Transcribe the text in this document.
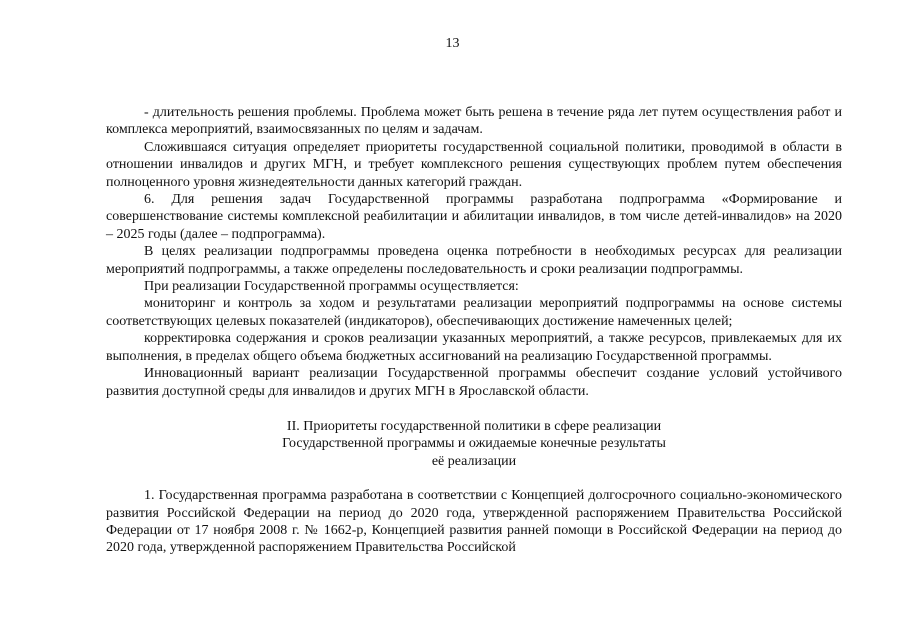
13

- длительность решения проблемы. Проблема может быть решена в течение ряда лет путем осуществления работ и комплекса мероприятий, взаимосвязанных по целям и задачам.

Сложившаяся ситуация определяет приоритеты государственной социальной политики, проводимой в области в отношении инвалидов и других МГН, и требует комплексного решения существующих проблем путем обеспечения полноценного уровня жизнедеятельности данных категорий граждан.

6. Для решения задач Государственной программы разработана подпрограмма «Формирование и совершенствование системы комплексной реабилитации и абилитации инвалидов, в том числе детей-инвалидов» на 2020 – 2025 годы (далее – подпрограмма).

В целях реализации подпрограммы проведена оценка потребности в необходимых ресурсах для реализации мероприятий подпрограммы, а также определены последовательность и сроки реализации подпрограммы.

При реализации Государственной программы осуществляется:

мониторинг и контроль за ходом и результатами реализации мероприятий подпрограммы на основе системы соответствующих целевых показателей (индикаторов), обеспечивающих достижение намеченных целей;

корректировка содержания и сроков реализации указанных мероприятий, а также ресурсов, привлекаемых для их выполнения, в пределах общего объема бюджетных ассигнований на реализацию Государственной программы.

Инновационный вариант реализации Государственной программы обеспечит создание условий устойчивого развития доступной среды для инвалидов и других МГН в Ярославской области.

II. Приоритеты государственной политики в сфере реализации
Государственной программы и ожидаемые конечные результаты
её реализации

1. Государственная программа разработана в соответствии с Концепцией долгосрочного социально-экономического развития Российской Федерации на период до 2020 года, утвержденной распоряжением Правительства Российской Федерации от 17 ноября 2008 г. № 1662-р, Концепцией развития ранней помощи в Российской Федерации на период до 2020 года, утвержденной распоряжением Правительства Российской
